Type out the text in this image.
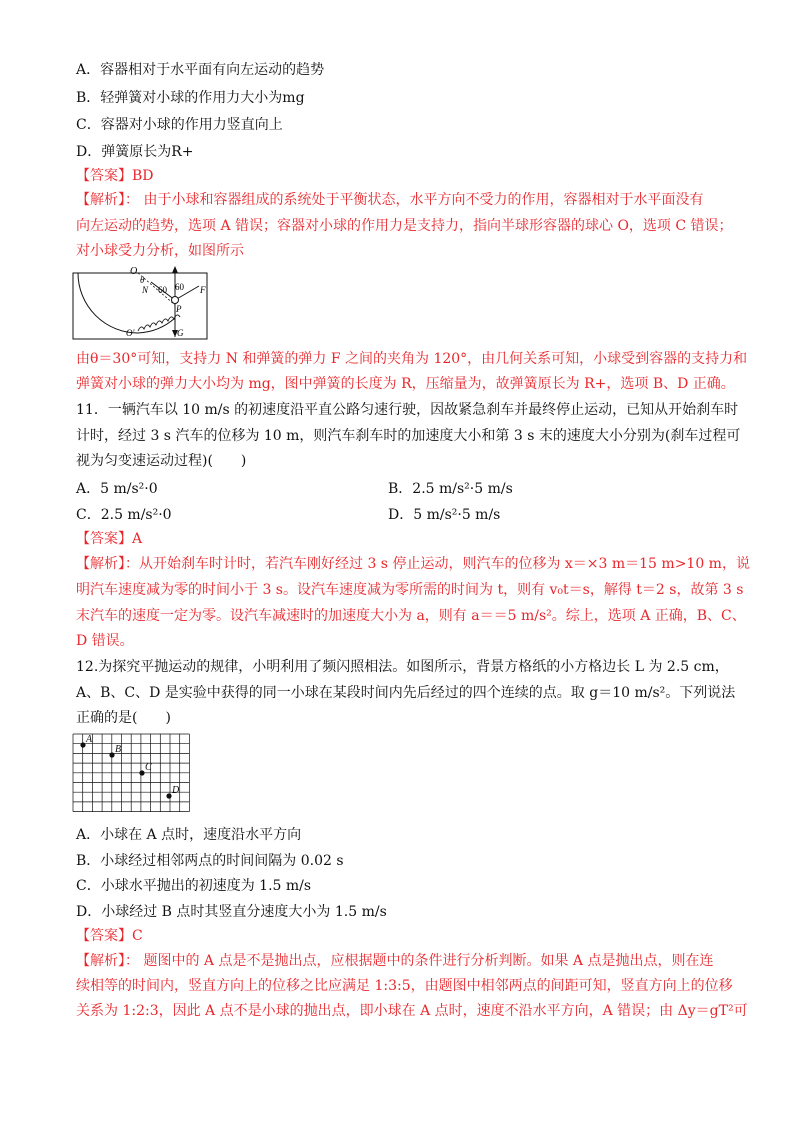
A．容器相对于水平面有向左运动的趋势
B．轻弹簧对小球的作用力大小为mg
C．容器对小球的作用力竖直向上
D．弹簧原长为R+
【答案】BD
【解析】： 由于小球和容器组成的系统处于平衡状态，水平方向不受力的作用，容器相对于水平面没有
向左运动的趋势，选项 A 错误；容器对小球的作用力是支持力，指向半球形容器的球心 O，选项 C 错误；
对小球受力分析，如图所示
O
θ
N 60 60 F
P
G
O′
由θ＝30°可知，支持力 N 和弹簧的弹力 F 之间的夹角为 120°，由几何关系可知，小球受到容器的支持力和
弹簧对小球的弹力大小均为 mg，图中弹簧的长度为 R，压缩量为，故弹簧原长为 R+，选项 B、D 正确。
11．一辆汽车以 10 m/s 的初速度沿平直公路匀速行驶，因故紧急刹车并最终停止运动，已知从开始刹车时
计时，经过 3 s 汽车的位移为 10 m，则汽车刹车时的加速度大小和第 3 s 末的速度大小分别为(刹车过程可
视为匀变速运动过程)(　　)
A．5 m/s²·0	B．2.5 m/s²·5 m/s
C．2.5 m/s²·0	D．5 m/s²·5 m/s
【答案】A
【解析】：从开始刹车时计时，若汽车刚好经过 3 s 停止运动，则汽车的位移为 x＝×3 m＝15 m>10 m，说
明汽车速度减为零的时间小于 3 s。设汽车速度减为零所需的时间为 t，则有 v₀t＝s，解得 t＝2 s，故第 3 s
末汽车的速度一定为零。设汽车减速时的加速度大小为 a，则有 a＝＝5 m/s²。综上，选项 A 正确，B、C、
D 错误。
12.为探究平抛运动的规律，小明利用了频闪照相法。如图所示，背景方格纸的小方格边长 L 为 2.5 cm，
A、B、C、D 是实验中获得的同一小球在某段时间内先后经过的四个连续的点。取 g＝10 m/s²。下列说法
正确的是(　　)
A
B
C
D
A．小球在 A 点时，速度沿水平方向
B．小球经过相邻两点的时间间隔为 0.02 s
C．小球水平抛出的初速度为 1.5 m/s
D．小球经过 B 点时其竖直分速度大小为 1.5 m/s
【答案】C
【解析】： 题图中的 A 点是不是抛出点，应根据题中的条件进行分析判断。如果 A 点是抛出点，则在连
续相等的时间内，竖直方向上的位移之比应满足 1:3:5，由题图中相邻两点的间距可知，竖直方向上的位移
关系为 1:2:3，因此 A 点不是小球的抛出点，即小球在 A 点时，速度不沿水平方向，A 错误；由 Δy＝gT²可
